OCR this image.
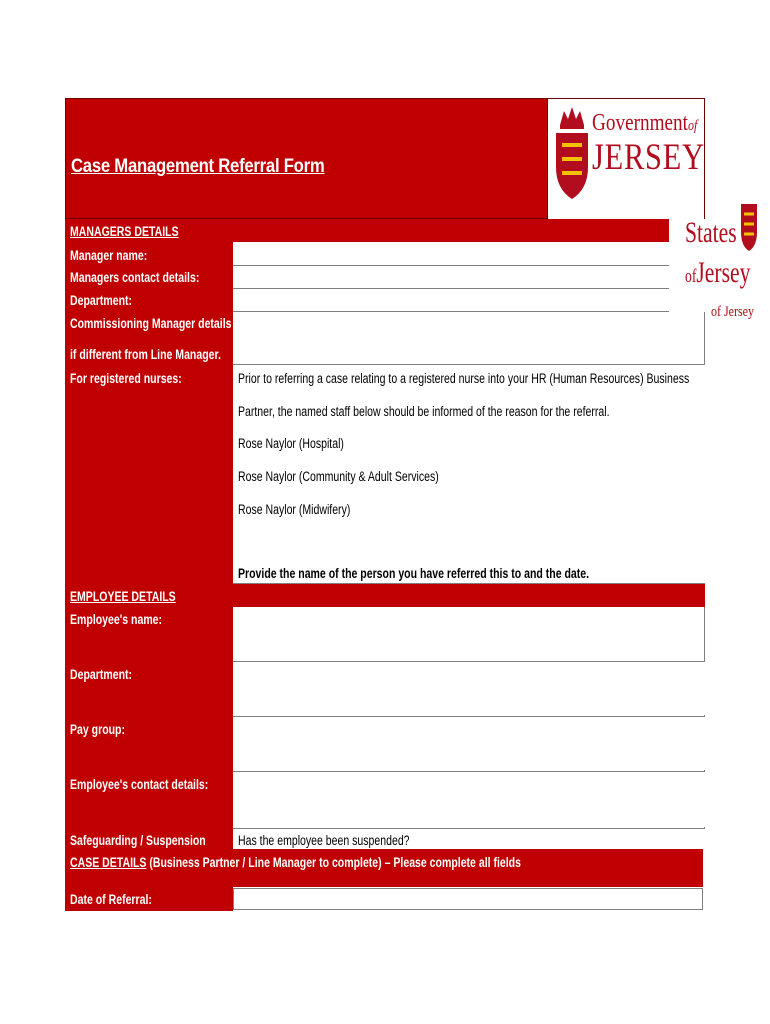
Case Management Referral Form
Governmentof
JERSEY
MANAGERS DETAILS
Manager name:
Managers contact details:
Department:
Commissioning Manager details
if different from Line Manager.
For registered nurses:	Prior to referring a case relating to a registered nurse into your HR (Human Resources) Business
Partner, the named staff below should be informed of the reason for the referral.
Rose Naylor (Hospital)
Rose Naylor (Community & Adult Services)
Rose Naylor (Midwifery)
Provide the name of the person you have referred this to and the date.
EMPLOYEE DETAILS
Employee's name:
Department:
Pay group:
Employee's contact details:
Safeguarding / Suspension Has the employee been suspended?
CASE DETAILS (Business Partner / Line Manager to complete) – Please complete all fields
Date of Referral:
States
ofJersey
of Jersey
